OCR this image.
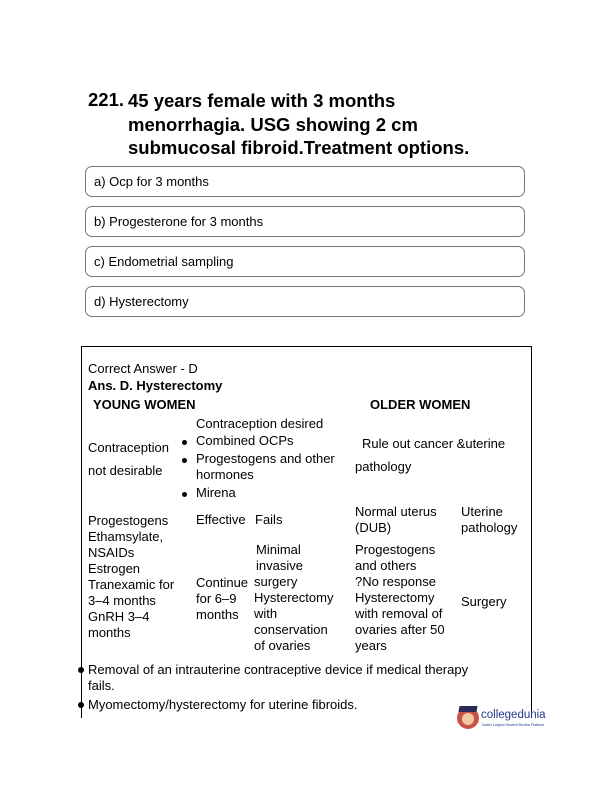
221. 45 years female with 3 months
menorrhagia. USG showing 2 cm
submucosal fibroid.Treatment options.
a) Ocp for 3 months
b) Progesterone for 3 months
c) Endometrial sampling
d) Hysterectomy
Correct Answer - D
Ans. D. Hysterectomy
YOUNG WOMEN	OLDER WOMEN
Contraception desired
Contraception
not desirable
Combined OCPs
Progestogens and other
hormones
Mirena
Rule out cancer &uterine
pathology
Progestogens
Ethamsylate,
NSAIDs
Estrogen
Tranexamic for
3–4 months
GnRH 3–4
months
Effective Fails
Continue
for 6–9
months
Minimal
invasive
surgery
Hysterectomy
with
conservation
of ovaries
Normal uterus
(DUB)
Uterine
pathology
Progestogens
and others
?No response
Hysterectomy
with removal of
ovaries after 50
years
Surgery
Removal of an intrauterine contraceptive device if medical therapy
fails.
Myomectomy/hysterectomy for uterine fibroids.
collegedunia
India's Largest Student Review Platform
